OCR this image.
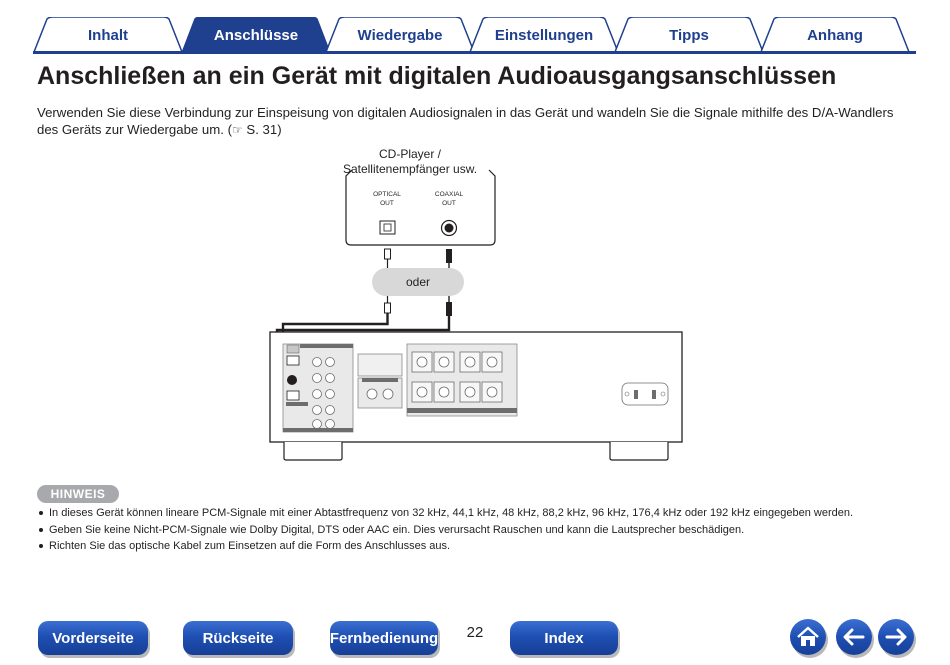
Inhalt	Anschlüsse	Wiedergabe	Einstellungen	Tipps	Anhang
Anschließen an ein Gerät mit digitalen Audioausgangsanschlüssen
Verwenden Sie diese Verbindung zur Einspeisung von digitalen Audiosignalen in das Gerät und wandeln Sie die Signale mithilfe des D/A-Wandlers des Geräts zur Wiedergabe um. (☞ S. 31)
CD-Player /
Satellitenempfänger usw.
OPTICAL
OUT
COAXIAL
OUT
oder
HINWEIS
In dieses Gerät können lineare PCM-Signale mit einer Abtastfrequenz von 32 kHz, 44,1 kHz, 48 kHz, 88,2 kHz, 96 kHz, 176,4 kHz oder 192 kHz eingegeben werden.
Geben Sie keine Nicht-PCM-Signale wie Dolby Digital, DTS oder AAC ein. Dies verursacht Rauschen und kann die Lautsprecher beschädigen.
Richten Sie das optische Kabel zum Einsetzen auf die Form des Anschlusses aus.
Vorderseite	Rückseite	Fernbedienung	22	Index
